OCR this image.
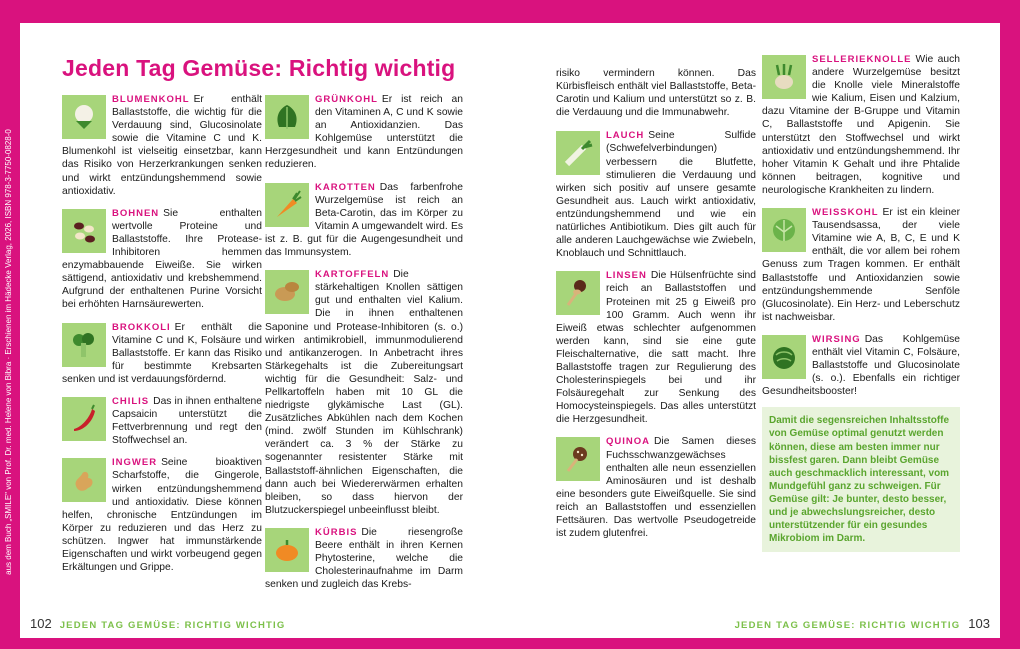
aus dem Buch „SMILE" von Prof. Dr. med. Helene von Bibra · Erschienen im Hädecke Verlag, 2026, ISBN 978-3-7750-0828-0
Jeden Tag Gemüse: Richtig wichtig

BLUMENKOHL Er enthält Ballaststoffe, die wichtig für die Verdauung sind, Glucosinolate sowie die Vitamine C und K. Blumenkohl ist vielseitig einsetzbar, kann das Risiko von Herzerkrankungen senken und wirkt entzündungshemmend sowie antioxidativ.

BOHNEN Sie enthalten wertvolle Proteine und Ballaststoffe. Ihre Protease-Inhibitoren hemmen enzymabbauende Eiweiße. Sie wirken sättigend, antioxidativ und krebshemmend. Aufgrund der enthaltenen Purine Vorsicht bei erhöhten Harnsäurewerten.

BROKKOLI Er enthält die Vitamine C und K, Folsäure und Ballaststoffe. Er kann das Risiko für bestimmte Krebsarten senken und ist verdauungsfördernd.

CHILIS Das in ihnen enthaltene Capsaicin unterstützt die Fettverbrennung und regt den Stoffwechsel an.

INGWER Seine bioaktiven Scharfstoffe, die Gingerole, wirken entzündungshemmend und antioxidativ. Diese können helfen, chronische Entzündungen im Körper zu reduzieren und das Herz zu schützen. Ingwer hat immunstärkende Eigenschaften und wirkt vorbeugend gegen Erkältungen und Grippe.

GRÜNKOHL Er ist reich an den Vitaminen A, C und K sowie an Antioxidanzien. Das Kohlgemüse unterstützt die Herzgesundheit und kann Entzündungen reduzieren.

KAROTTEN Das farbenfrohe Wurzelgemüse ist reich an Beta-Carotin, das im Körper zu Vitamin A umgewandelt wird. Es ist z. B. gut für die Augengesundheit und das Immunsystem.

KARTOFFELN Die stärkehaltigen Knollen sättigen gut und enthalten viel Kalium. Die in ihnen enthaltenen Saponine und Protease-Inhibitoren (s. o.) wirken antimikrobiell, immunmodulierend und antikanzerogen. In Anbetracht ihres Stärkegehalts ist die Zubereitungsart wichtig für die Gesundheit: Salz- und Pellkartoffeln haben mit 10 GL die niedrigste glykämische Last (GL). Zusätzliches Abkühlen nach dem Kochen (mind. zwölf Stunden im Kühlschrank) verändert ca. 3 % der Stärke zu sogenannter resistenter Stärke mit Ballaststoff-ähnlichen Eigenschaften, die dann auch bei Wiedererwärmen erhalten bleiben, so dass hiervon der Blutzuckerspiegel unbeeinflusst bleibt.

KÜRBIS Die riesengroße Beere enthält in ihren Kernen Phytosterine, welche die Cholesterinaufnahme im Darm senken und zugleich das Krebs-

risiko vermindern können. Das Kürbisfleisch enthält viel Ballaststoffe, Beta-Carotin und Kalium und unterstützt so z. B. die Verdauung und die Immunabwehr.

LAUCH Seine Sulfide (Schwefelverbindungen) verbessern die Blutfette, stimulieren die Verdauung und wirken sich positiv auf unsere gesamte Gesundheit aus. Lauch wirkt antioxidativ, entzündungshemmend und wie ein natürliches Antibiotikum. Dies gilt auch für alle anderen Lauchgewächse wie Zwiebeln, Knoblauch und Schnittlauch.

LINSEN Die Hülsenfrüchte sind reich an Ballaststoffen und Proteinen mit 25 g Eiweiß pro 100 Gramm. Auch wenn ihr Eiweiß etwas schlechter aufgenommen werden kann, sind sie eine gute Fleischalternative, die satt macht. Ihre Ballaststoffe tragen zur Regulierung des Cholesterinspiegels bei und ihr Folsäuregehalt zur Senkung des Homocysteinspiegels. Das alles unterstützt die Herzgesundheit.

QUINOA Die Samen dieses Fuchsschwanzgewächses enthalten alle neun essenziellen Aminosäuren und ist deshalb eine besonders gute Eiweißquelle. Sie sind reich an Ballaststoffen und essenziellen Fettsäuren. Das wertvolle Pseudogetreide ist zudem glutenfrei.

SELLERIEKNOLLE Wie auch andere Wurzelgemüse besitzt die Knolle viele Mineralstoffe wie Kalium, Eisen und Kalzium, dazu Vitamine der B-Gruppe und Vitamin C, Ballaststoffe und Apigenin. Sie unterstützt den Stoffwechsel und wirkt antioxidativ und entzündungshemmend. Ihr hoher Vitamin K Gehalt und ihre Phtalide können beitragen, kognitive und neurologische Krankheiten zu lindern.

WEISSKOHL Er ist ein kleiner Tausendsassa, der viele Vitamine wie A, B, C, E und K enthält, die vor allem bei rohem Genuss zum Tragen kommen. Er enthält Ballaststoffe und Antioxidanzien sowie entzündungshemmende Senföle (Glucosinolate). Ein Herz- und Leberschutz ist nachweisbar.

WIRSING Das Kohlgemüse enthält viel Vitamin C, Folsäure, Ballaststoffe und Glucosinolate (s. o.). Ebenfalls ein richtiger Gesundheitsbooster!

Damit die segensreichen Inhaltsstoffe von Gemüse optimal genutzt werden können, diese am besten immer nur bissfest garen. Dann bleibt Gemüse auch geschmacklich interessant, vom Mundgefühl ganz zu schweigen. Für Gemüse gilt: Je bunter, desto besser, und je abwechslungsreicher, desto unterstützender für ein gesundes Mikrobiom im Darm.
102 JEDEN TAG GEMÜSE: RICHTIG WICHTIG	JEDEN TAG GEMÜSE: RICHTIG WICHTIG 103
